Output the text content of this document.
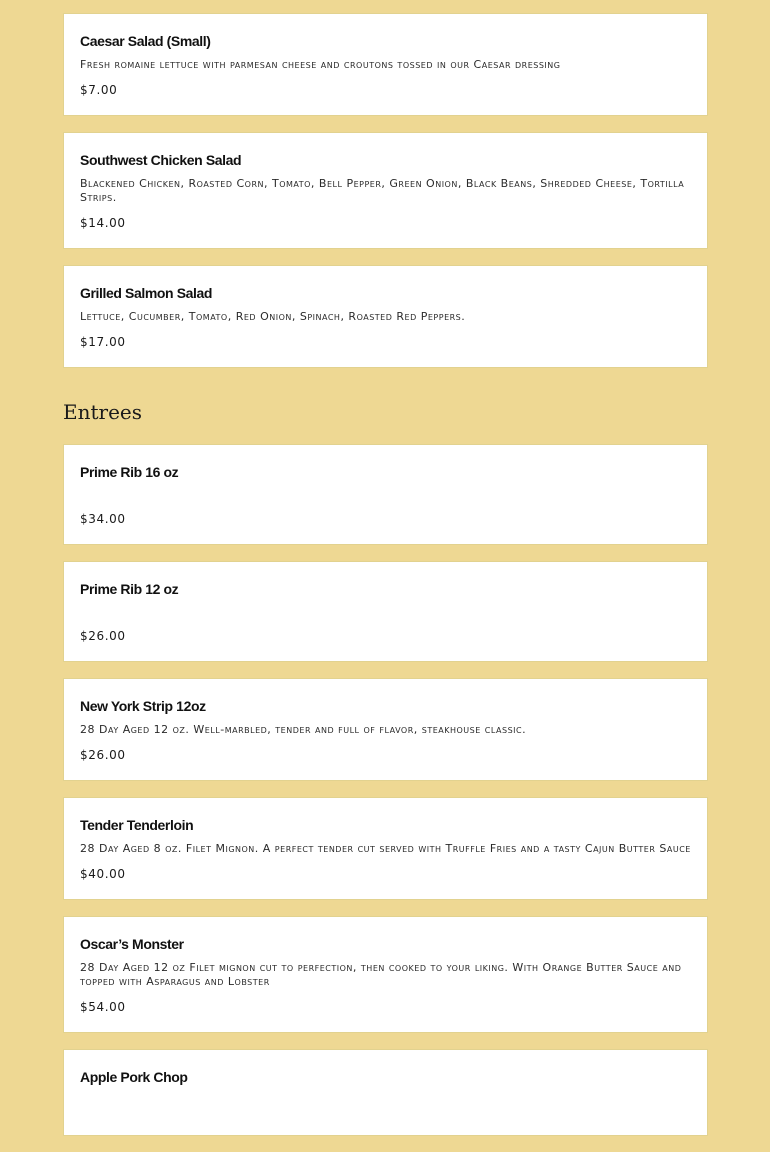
Caesar Salad (Small)

Fresh romaine lettuce with parmesan cheese and croutons tossed in our Caesar dressing

$7.00

Southwest Chicken Salad

Blackened Chicken, Roasted Corn, Tomato, Bell Pepper, Green Onion, Black Beans, Shredded Cheese, Tortilla Strips.

$14.00

Grilled Salmon Salad

Lettuce, Cucumber, Tomato, Red Onion, Spinach, Roasted Red Peppers.

$17.00

Entrees

Prime Rib 16 oz

$34.00

Prime Rib 12 oz

$26.00

New York Strip 12oz

28 Day Aged 12 oz. Well-marbled, tender and full of flavor, steakhouse classic.

$26.00

Tender Tenderloin

28 Day Aged 8 oz. Filet Mignon. A perfect tender cut served with Truffle Fries and a tasty Cajun Butter Sauce

$40.00

Oscar’s Monster

28 Day Aged 12 oz Filet mignon cut to perfection, then cooked to your liking. With Orange Butter Sauce and topped with Asparagus and Lobster

$54.00

Apple Pork Chop
